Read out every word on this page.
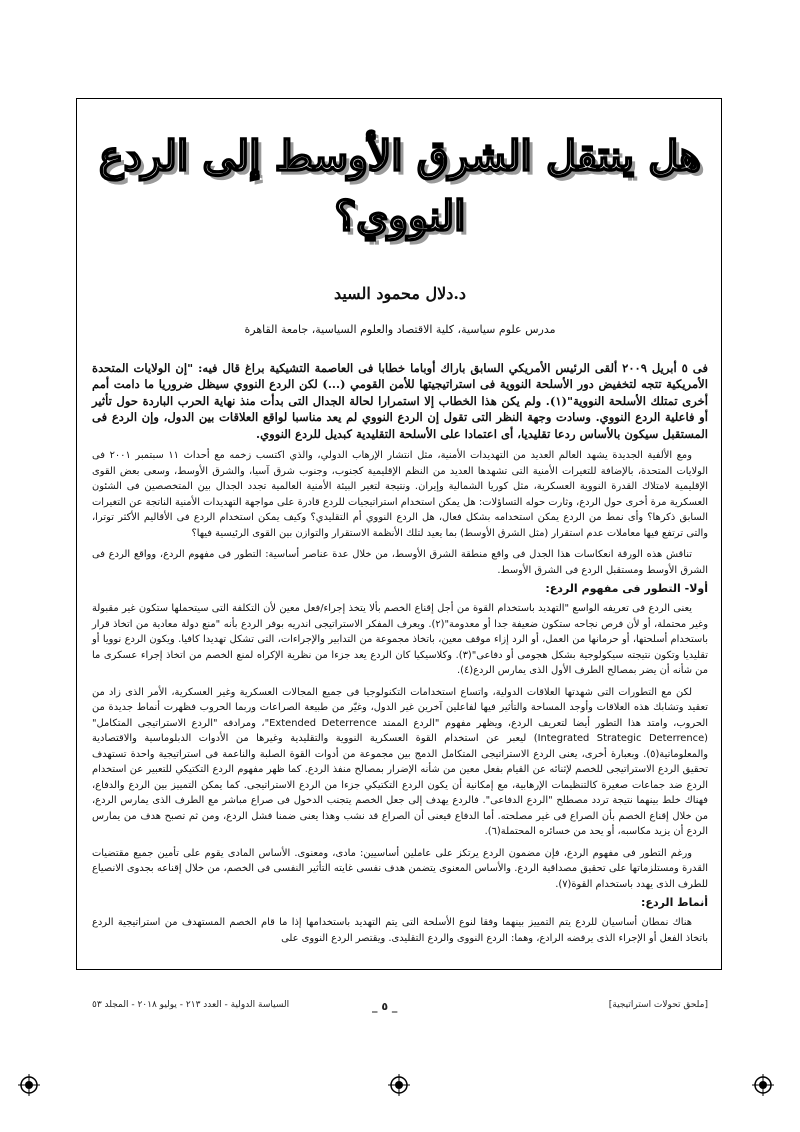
هل ينتقل الشرق الأوسط إلى الردع النووي؟
د.دلال محمود السيد
مدرس علوم سياسية، كلية الاقتصاد والعلوم السياسية، جامعة القاهرة

فى ٥ أبريل ٢٠٠٩ ألقى الرئيس الأمريكي السابق باراك أوباما خطابا فى العاصمة التشيكية براغ قال فيه: "إن الولايات المتحدة الأمريكية تتجه لتخفيض دور الأسلحة النووية فى استراتيجيتها للأمن القومي (...) لكن الردع النووي سيظل ضروريا ما دامت أمم أخرى تمتلك الأسلحة النووية"(١). ولم يكن هذا الخطاب إلا استمرارا لحالة الجدال التى بدأت منذ نهاية الحرب الباردة حول تأثير أو فاعلية الردع النووي. وسادت وجهة النظر التى تقول إن الردع النووي لم يعد مناسبا لواقع العلاقات بين الدول، وإن الردع فى المستقبل سيكون بالأساس ردعا تقليديا، أى اعتمادا على الأسلحة التقليدية كبديل للردع النووي.

ومع الألفية الجديدة يشهد العالم العديد من التهديدات الأمنية، مثل انتشار الإرهاب الدولي، والذي اكتسب زخمه مع أحداث ١١ سبتمبر ٢٠٠١ فى الولايات المتحدة، بالإضافة للتغيرات الأمنية التى تشهدها العديد من النظم الإقليمية كجنوب، وجنوب شرق آسيا، والشرق الأوسط، وسعى بعض القوى الإقليمية لامتلاك القدرة النووية العسكرية، مثل كوريا الشمالية وإيران. ونتيجة لتغير البيئة الأمنية العالمية تجدد الجدال بين المتخصصين فى الشئون العسكرية مرة أخرى حول الردع، وثارت حوله التساؤلات: هل يمكن استخدام استراتيجيات للردع قادرة على مواجهة التهديدات الأمنية الناتجة عن التغيرات السابق ذكرها؟ وأى نمط من الردع يمكن استخدامه بشكل فعال، هل الردع النووي أم التقليدي؟ وكيف يمكن استخدام الردع فى الأقاليم الأكثر توترا، والتى ترتفع فيها معاملات عدم استقرار (مثل الشرق الأوسط) بما يعيد لتلك الأنظمة الاستقرار والتوازن بين القوى الرئيسية فيها؟

تناقش هذه الورقة انعكاسات هذا الجدل فى واقع منطقة الشرق الأوسط، من خلال عدة عناصر أساسية: التطور فى مفهوم الردع، وواقع الردع فى الشرق الأوسط ومستقبل الردع فى الشرق الأوسط.

أولا- التطور فى مفهوم الردع:

يعنى الردع فى تعريفه الواسع "التهديد باستخدام القوة من أجل إقناع الخصم بألا يتخذ إجراء/فعل معين لأن التكلفة التى سيتحملها ستكون غير مقبولة وغير محتملة، أو لأن فرص نجاحه ستكون ضعيفة جدا أو معدومة"(٢). ويعرف المفكر الاستراتيجى اندريه بوفر الردع بأنه "منع دولة معادية من اتخاذ قرار باستخدام أسلحتها، أو حرمانها من العمل، أو الرد إزاء موقف معين، باتخاذ مجموعة من التدابير والإجراءات، التى تشكل تهديدا كافيا. ويكون الردع نوويا أو تقليديا وتكون نتيجته سيكولوجية بشكل هجومى أو دفاعى"(٣). وكلاسيكيا كان الردع يعد جزءا من نظرية الإكراه لمنع الخصم من اتخاذ إجراء عسكرى ما من شأنه أن يضر بمصالح الطرف الأول الذى يمارس الردع(٤).

لكن مع التطورات التى شهدتها العلاقات الدولية، واتساع استخدامات التكنولوجيا فى جميع المجالات العسكرية وغير العسكرية، الأمر الذى زاد من تعقيد وتشابك هذه العلاقات وأوجد المساحة والتأثير فيها لفاعلين آخرين غير الدول، وغيّر من طبيعة الصراعات وربما الحروب فظهرت أنماط جديدة من الحروب، وامتد هذا التطور أيضا لتعريف الردع، ويظهر مفهوم "الردع الممتد Extended Deterrence"، ومرادفه "الردع الاستراتيجى المتكامل" (Integrated Strategic Deterrence) ليعبر عن استخدام القوة العسكرية النووية والتقليدية وغيرها من الأدوات الدبلوماسية والاقتصادية والمعلوماتية(٥). وبعبارة أخرى، يعنى الردع الاستراتيجى المتكامل الدمج بين مجموعة من أدوات القوة الصلبة والناعمة فى استراتيجية واحدة تستهدف تحقيق الردع الاستراتيجى للخصم لإثنائه عن القيام بفعل معين من شأنه الإضرار بمصالح منفذ الردع. كما ظهر مفهوم الردع التكتيكي للتعبير عن استخدام الردع ضد جماعات صغيرة كالتنظيمات الإرهابية، مع إمكانية أن يكون الردع التكتيكي جزءا من الردع الاستراتيجى. كما يمكن التمييز بين الردع والدفاع، فهناك خلط بينهما نتيجة تردد مصطلح "الردع الدفاعى". فالردع يهدف إلى جعل الخصم يتجنب الدخول فى صراع مباشر مع الطرف الذى يمارس الردع، من خلال إقناع الخصم بأن الصراع فى غير مصلحته. أما الدفاع فيعنى أن الصراع قد نشب وهذا يعنى ضمنا فشل الردع، ومن ثم تصبح هدف من يمارس الردع أن يزيد مكاسبه، أو يحد من خسائره المحتملة(٦).

ورغم التطور فى مفهوم الردع، فإن مضمون الردع يرتكز على عاملين أساسيين: مادى، ومعنوى. الأساس المادى يقوم على تأمين جميع مقتضيات القدرة ومستلزماتها على تحقيق مصداقية الردع. والأساس المعنوى يتضمن هدف نفسى غايته التأثير النفسى فى الخصم، من خلال إقناعه بجدوى الانصياع للطرف الذى يهدد باستخدام القوة(٧).

أنماط الردع:

هناك نمطان أساسيان للردع يتم التمييز بينهما وفقا لنوع الأسلحة التى يتم التهديد باستخدامها إذا ما قام الخصم المستهدف من استراتيجية الردع باتخاذ الفعل أو الإجراء الذى يرفضه الرادع، وهما: الردع النووى والردع التقليدى. ويقتصر الردع النووى على

[ملحق تحولات استراتيجية]
_ ٥ _
السياسة الدولية - العدد ٢١٣ - يوليو ٢٠١٨ - المجلد ٥٣
